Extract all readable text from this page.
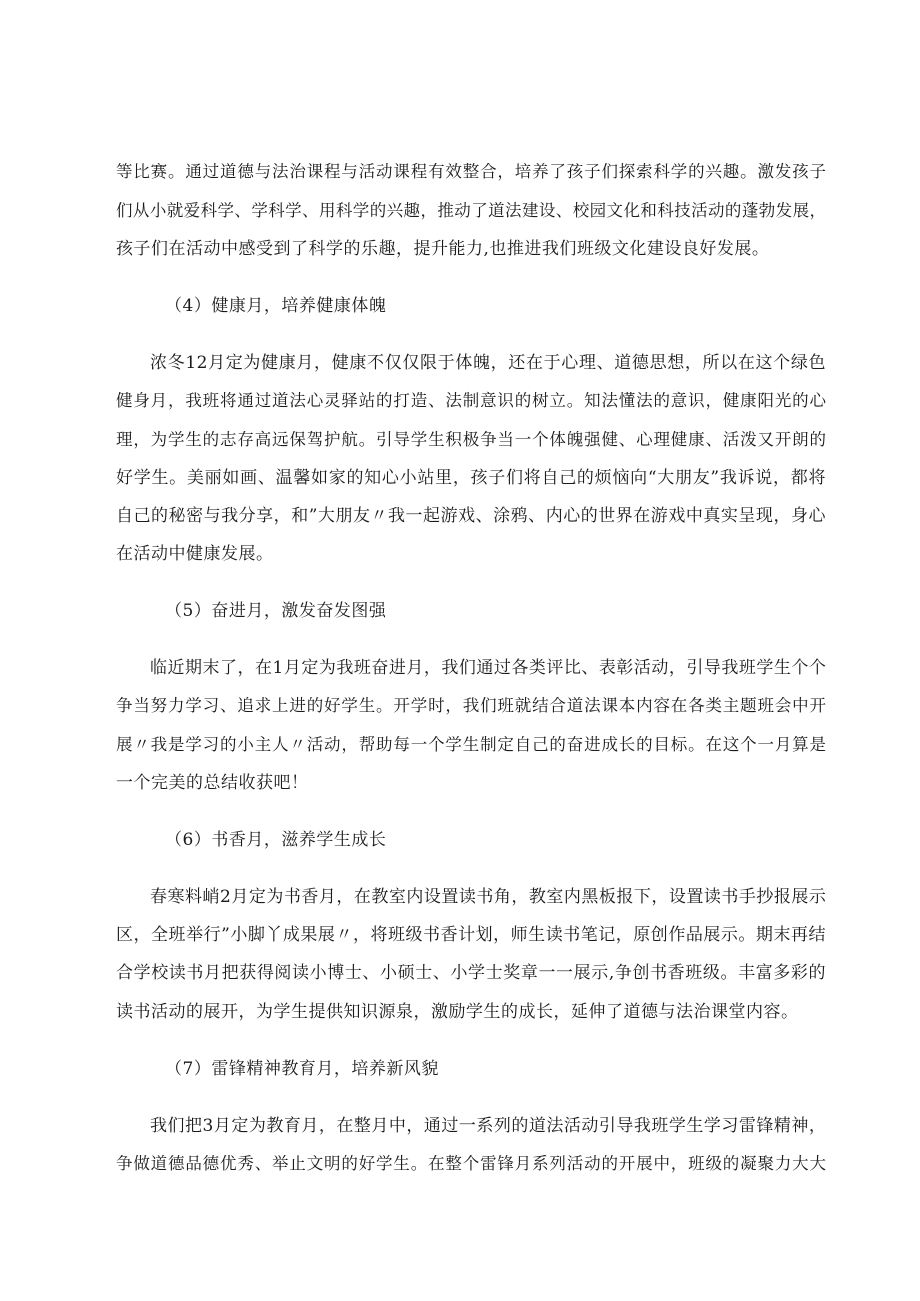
等比赛。通过道德与法治课程与活动课程有效整合，培养了孩子们探索科学的兴趣。激发孩子
们从小就爱科学、学科学、用科学的兴趣，推动了道法建设、校园文化和科技活动的蓬勃发展，
孩子们在活动中感受到了科学的乐趣，提升能力,也推进我们班级文化建设良好发展。
（4）健康月，培养健康体魄
浓冬12月定为健康月，健康不仅仅限于体魄，还在于心理、道德思想，所以在这个绿色
健身月，我班将通过道法心灵驿站的打造、法制意识的树立。知法懂法的意识，健康阳光的心
理，为学生的志存高远保驾护航。引导学生积极争当一个体魄强健、心理健康、活泼又开朗的
好学生。美丽如画、温馨如家的知心小站里，孩子们将自己的烦恼向“大朋友”我诉说，都将
自己的秘密与我分享，和”大朋友〃我一起游戏、涂鸦、内心的世界在游戏中真实呈现，身心
在活动中健康发展。
（5）奋进月，激发奋发图强
临近期末了，在1月定为我班奋进月，我们通过各类评比、表彰活动，引导我班学生个个
争当努力学习、追求上进的好学生。开学时，我们班就结合道法课本内容在各类主题班会中开
展〃我是学习的小主人〃活动，帮助每一个学生制定自己的奋进成长的目标。在这个一月算是
一个完美的总结收获吧！
（6）书香月，滋养学生成长
春寒料峭2月定为书香月，在教室内设置读书角，教室内黑板报下，设置读书手抄报展示
区，全班举行”小脚丫成果展〃，将班级书香计划，师生读书笔记，原创作品展示。期末再结
合学校读书月把获得阅读小博士、小硕士、小学士奖章一一展示,争创书香班级。丰富多彩的
读书活动的展开，为学生提供知识源泉，激励学生的成长，延伸了道德与法治课堂内容。
（7）雷锋精神教育月，培养新风貌
我们把3月定为教育月，在整月中，通过一系列的道法活动引导我班学生学习雷锋精神，
争做道德品德优秀、举止文明的好学生。在整个雷锋月系列活动的开展中，班级的凝聚力大大
